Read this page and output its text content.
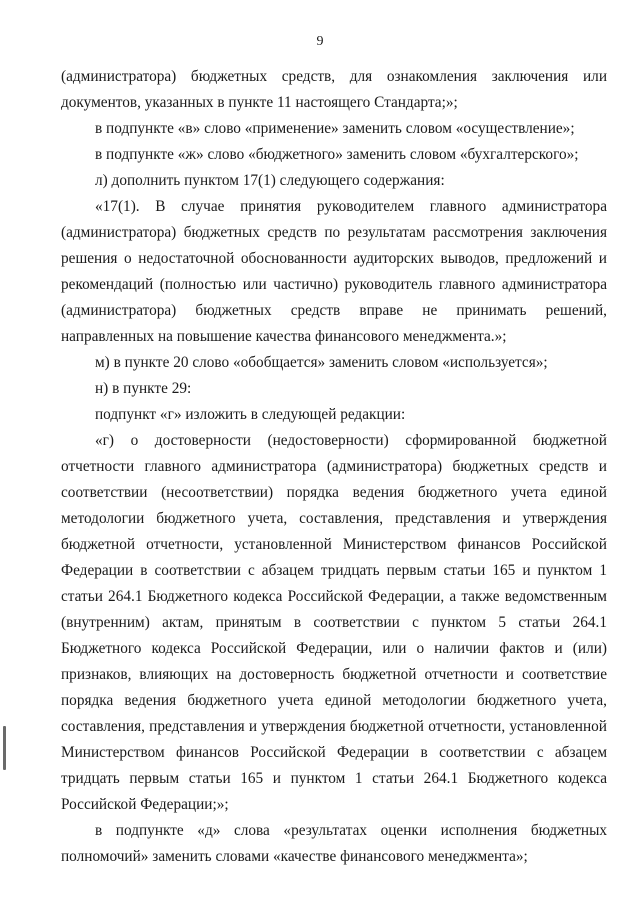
9

(администратора) бюджетных средств, для ознакомления заключения или документов, указанных в пункте 11 настоящего Стандарта;»;

в подпункте «в» слово «применение» заменить словом «осуществление»;

в подпункте «ж» слово «бюджетного» заменить словом «бухгалтерского»;

л) дополнить пунктом 17(1) следующего содержания:

«17(1). В случае принятия руководителем главного администратора (администратора) бюджетных средств по результатам рассмотрения заключения решения о недостаточной обоснованности аудиторских выводов, предложений и рекомендаций (полностью или частично) руководитель главного администратора (администратора) бюджетных средств вправе не принимать решений, направленных на повышение качества финансового менеджмента.»;

м) в пункте 20 слово «обобщается» заменить словом «используется»;

н) в пункте 29:

подпункт «г» изложить в следующей редакции:

«г) о достоверности (недостоверности) сформированной бюджетной отчетности главного администратора (администратора) бюджетных средств и соответствии (несоответствии) порядка ведения бюджетного учета единой методологии бюджетного учета, составления, представления и утверждения бюджетной отчетности, установленной Министерством финансов Российской Федерации в соответствии с абзацем тридцать первым статьи 165 и пунктом 1 статьи 264.1 Бюджетного кодекса Российской Федерации, а также ведомственным (внутренним) актам, принятым в соответствии с пунктом 5 статьи 264.1 Бюджетного кодекса Российской Федерации, или о наличии фактов и (или) признаков, влияющих на достоверность бюджетной отчетности и соответствие порядка ведения бюджетного учета единой методологии бюджетного учета, составления, представления и утверждения бюджетной отчетности, установленной Министерством финансов Российской Федерации в соответствии с абзацем тридцать первым статьи 165 и пунктом 1 статьи 264.1 Бюджетного кодекса Российской Федерации;»;

в подпункте «д» слова «результатах оценки исполнения бюджетных полномочий» заменить словами «качестве финансового менеджмента»;
